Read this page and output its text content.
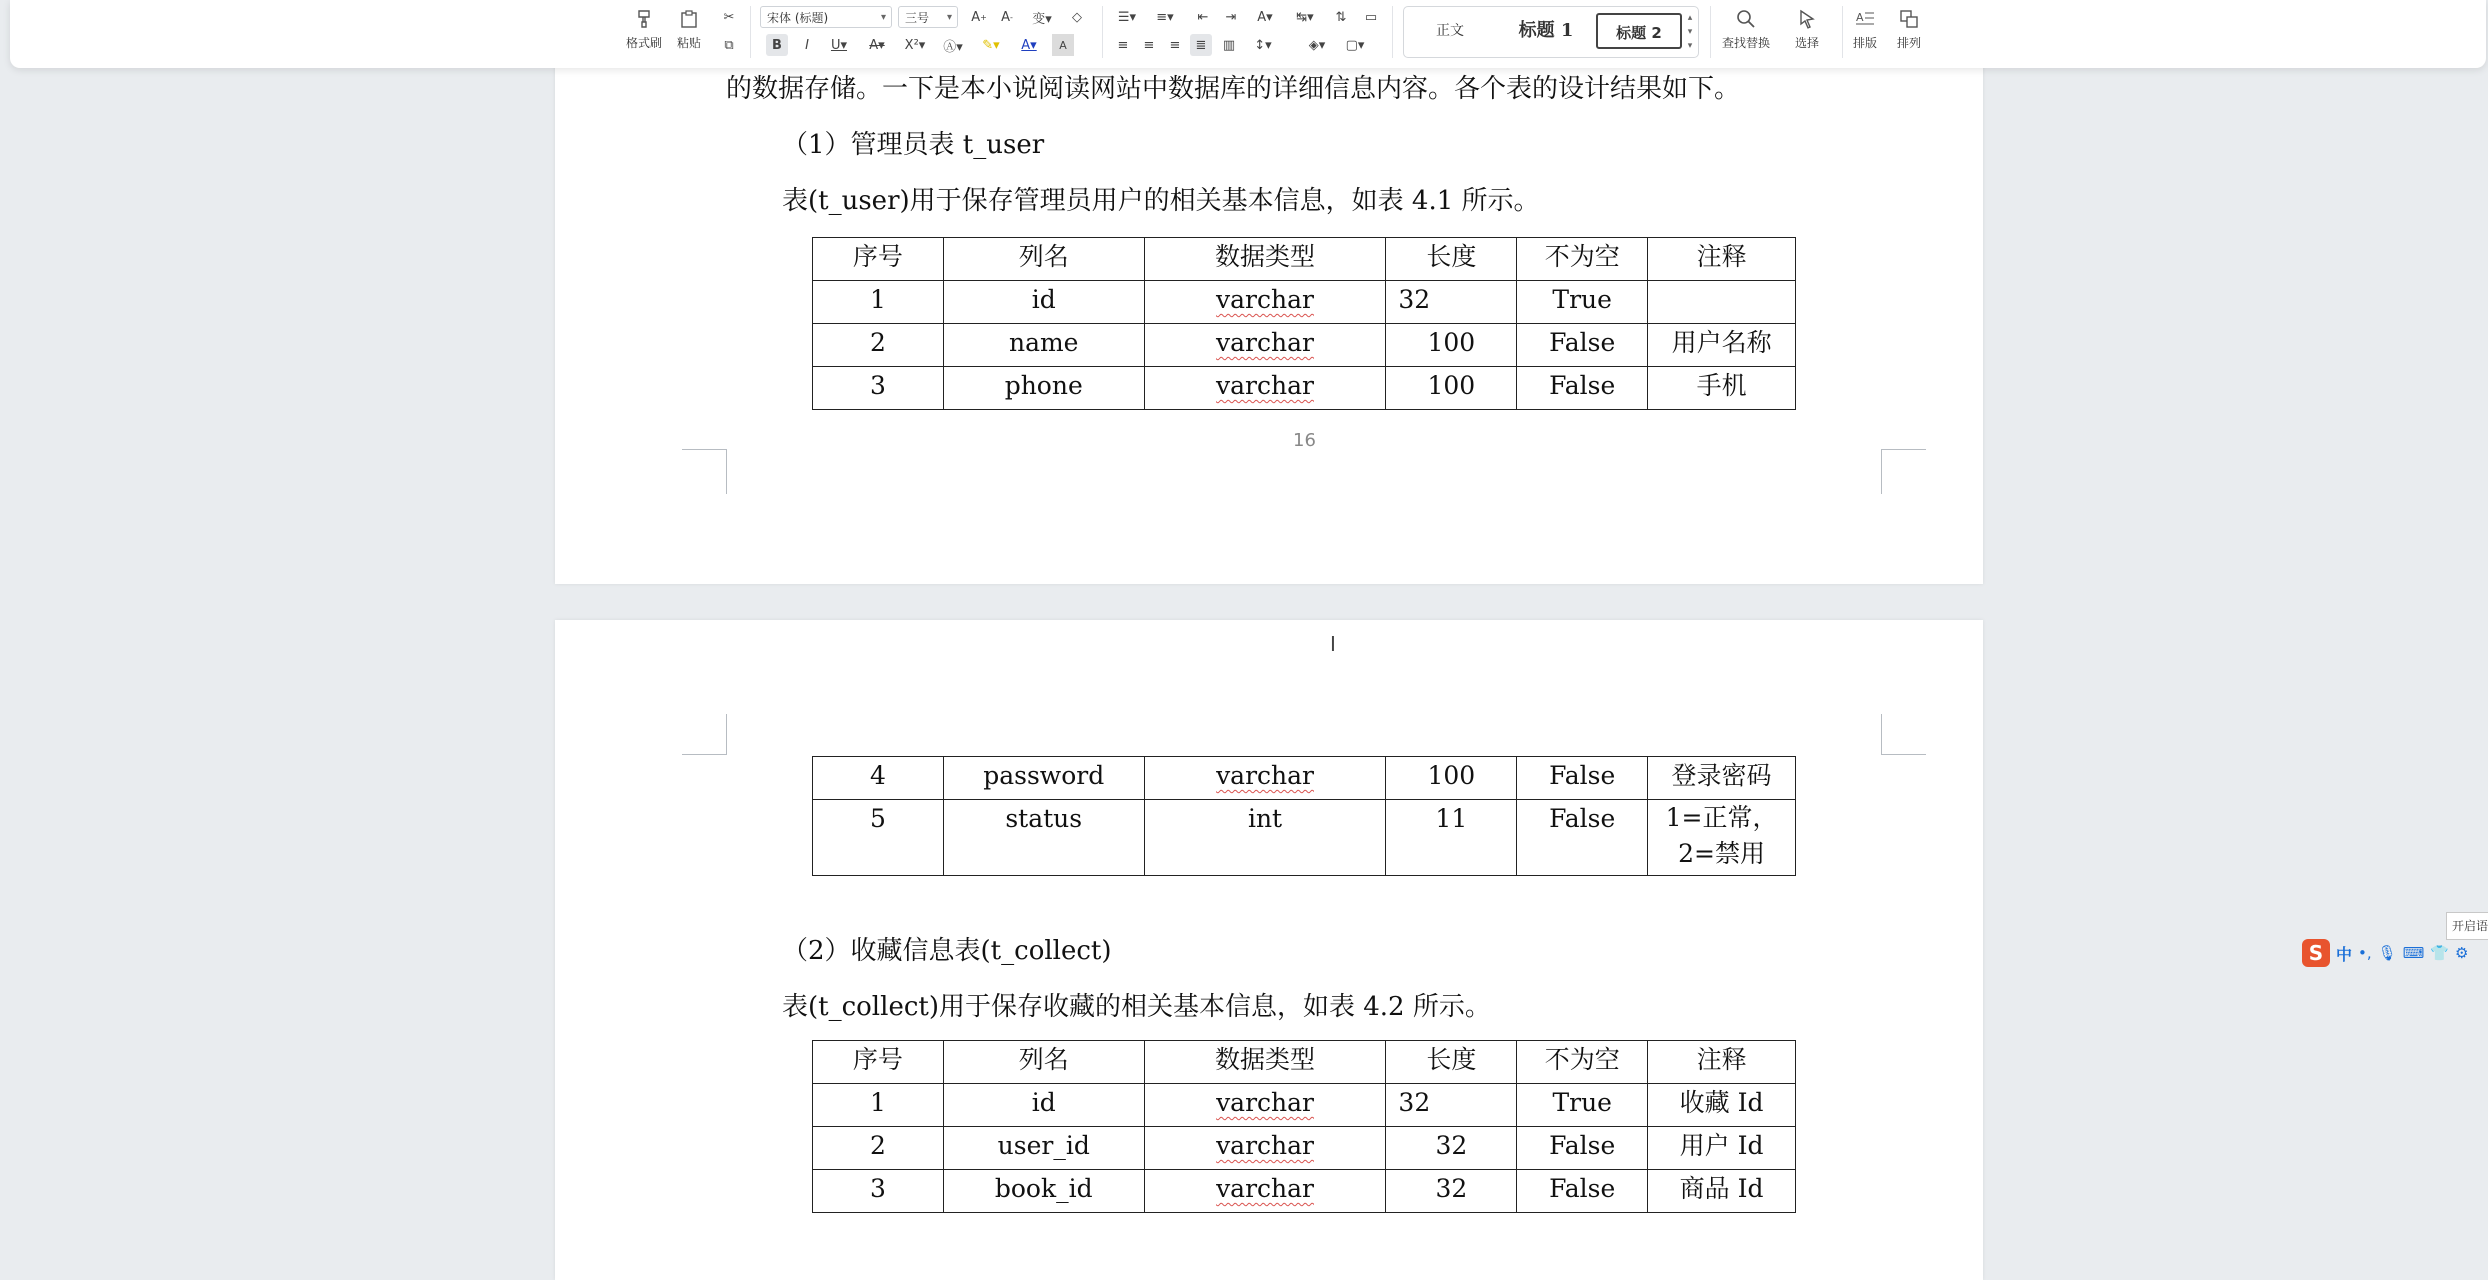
格式刷 粘贴
✂
⧉
宋体 (标题)	▾	三号 ▾ A +	A -	变▾	◇
B	I	U▾	A▾	X²▾	Ⓐ▾	✎▾	A▾	A
☰▾	≡▾	⇤	⇥	A▾	↹▾	⇅	▭
≡	≡	≡	≣	▥	↕▾	◈▾	▢▾
正文	标题 1	标题 2
▴
▾
▾	查找替换 选择
A
排版 排列
的数据存储。一下是本小说阅读网站中数据库的详细信息内容。各个表的设计结果如下。
（1）管理员表 t_user
表(t_user)用于保存管理员用户的相关基本信息，如表 4.1 所示。
序号	列名	数据类型	长度	不为空	注释
1	id	varchar	32	True	
2	name	varchar	100	False	用户名称
3	phone	varchar	100	False	手机
16
4	password	varchar	100	False	登录密码
5	status	int	11	False	1=正常，
2=禁用
（2）收藏信息表(t_collect)
表(t_collect)用于保存收藏的相关基本信息，如表 4.2 所示。
序号	列名	数据类型	长度	不为空	注释
1	id	varchar	32	True	收藏 Id
2	user_id	varchar	32	False	用户 Id
3	book_id	varchar	32	False	商品 Id
I
S 中 •, 🎙 ⌨ 👕 ⚙
开启语
